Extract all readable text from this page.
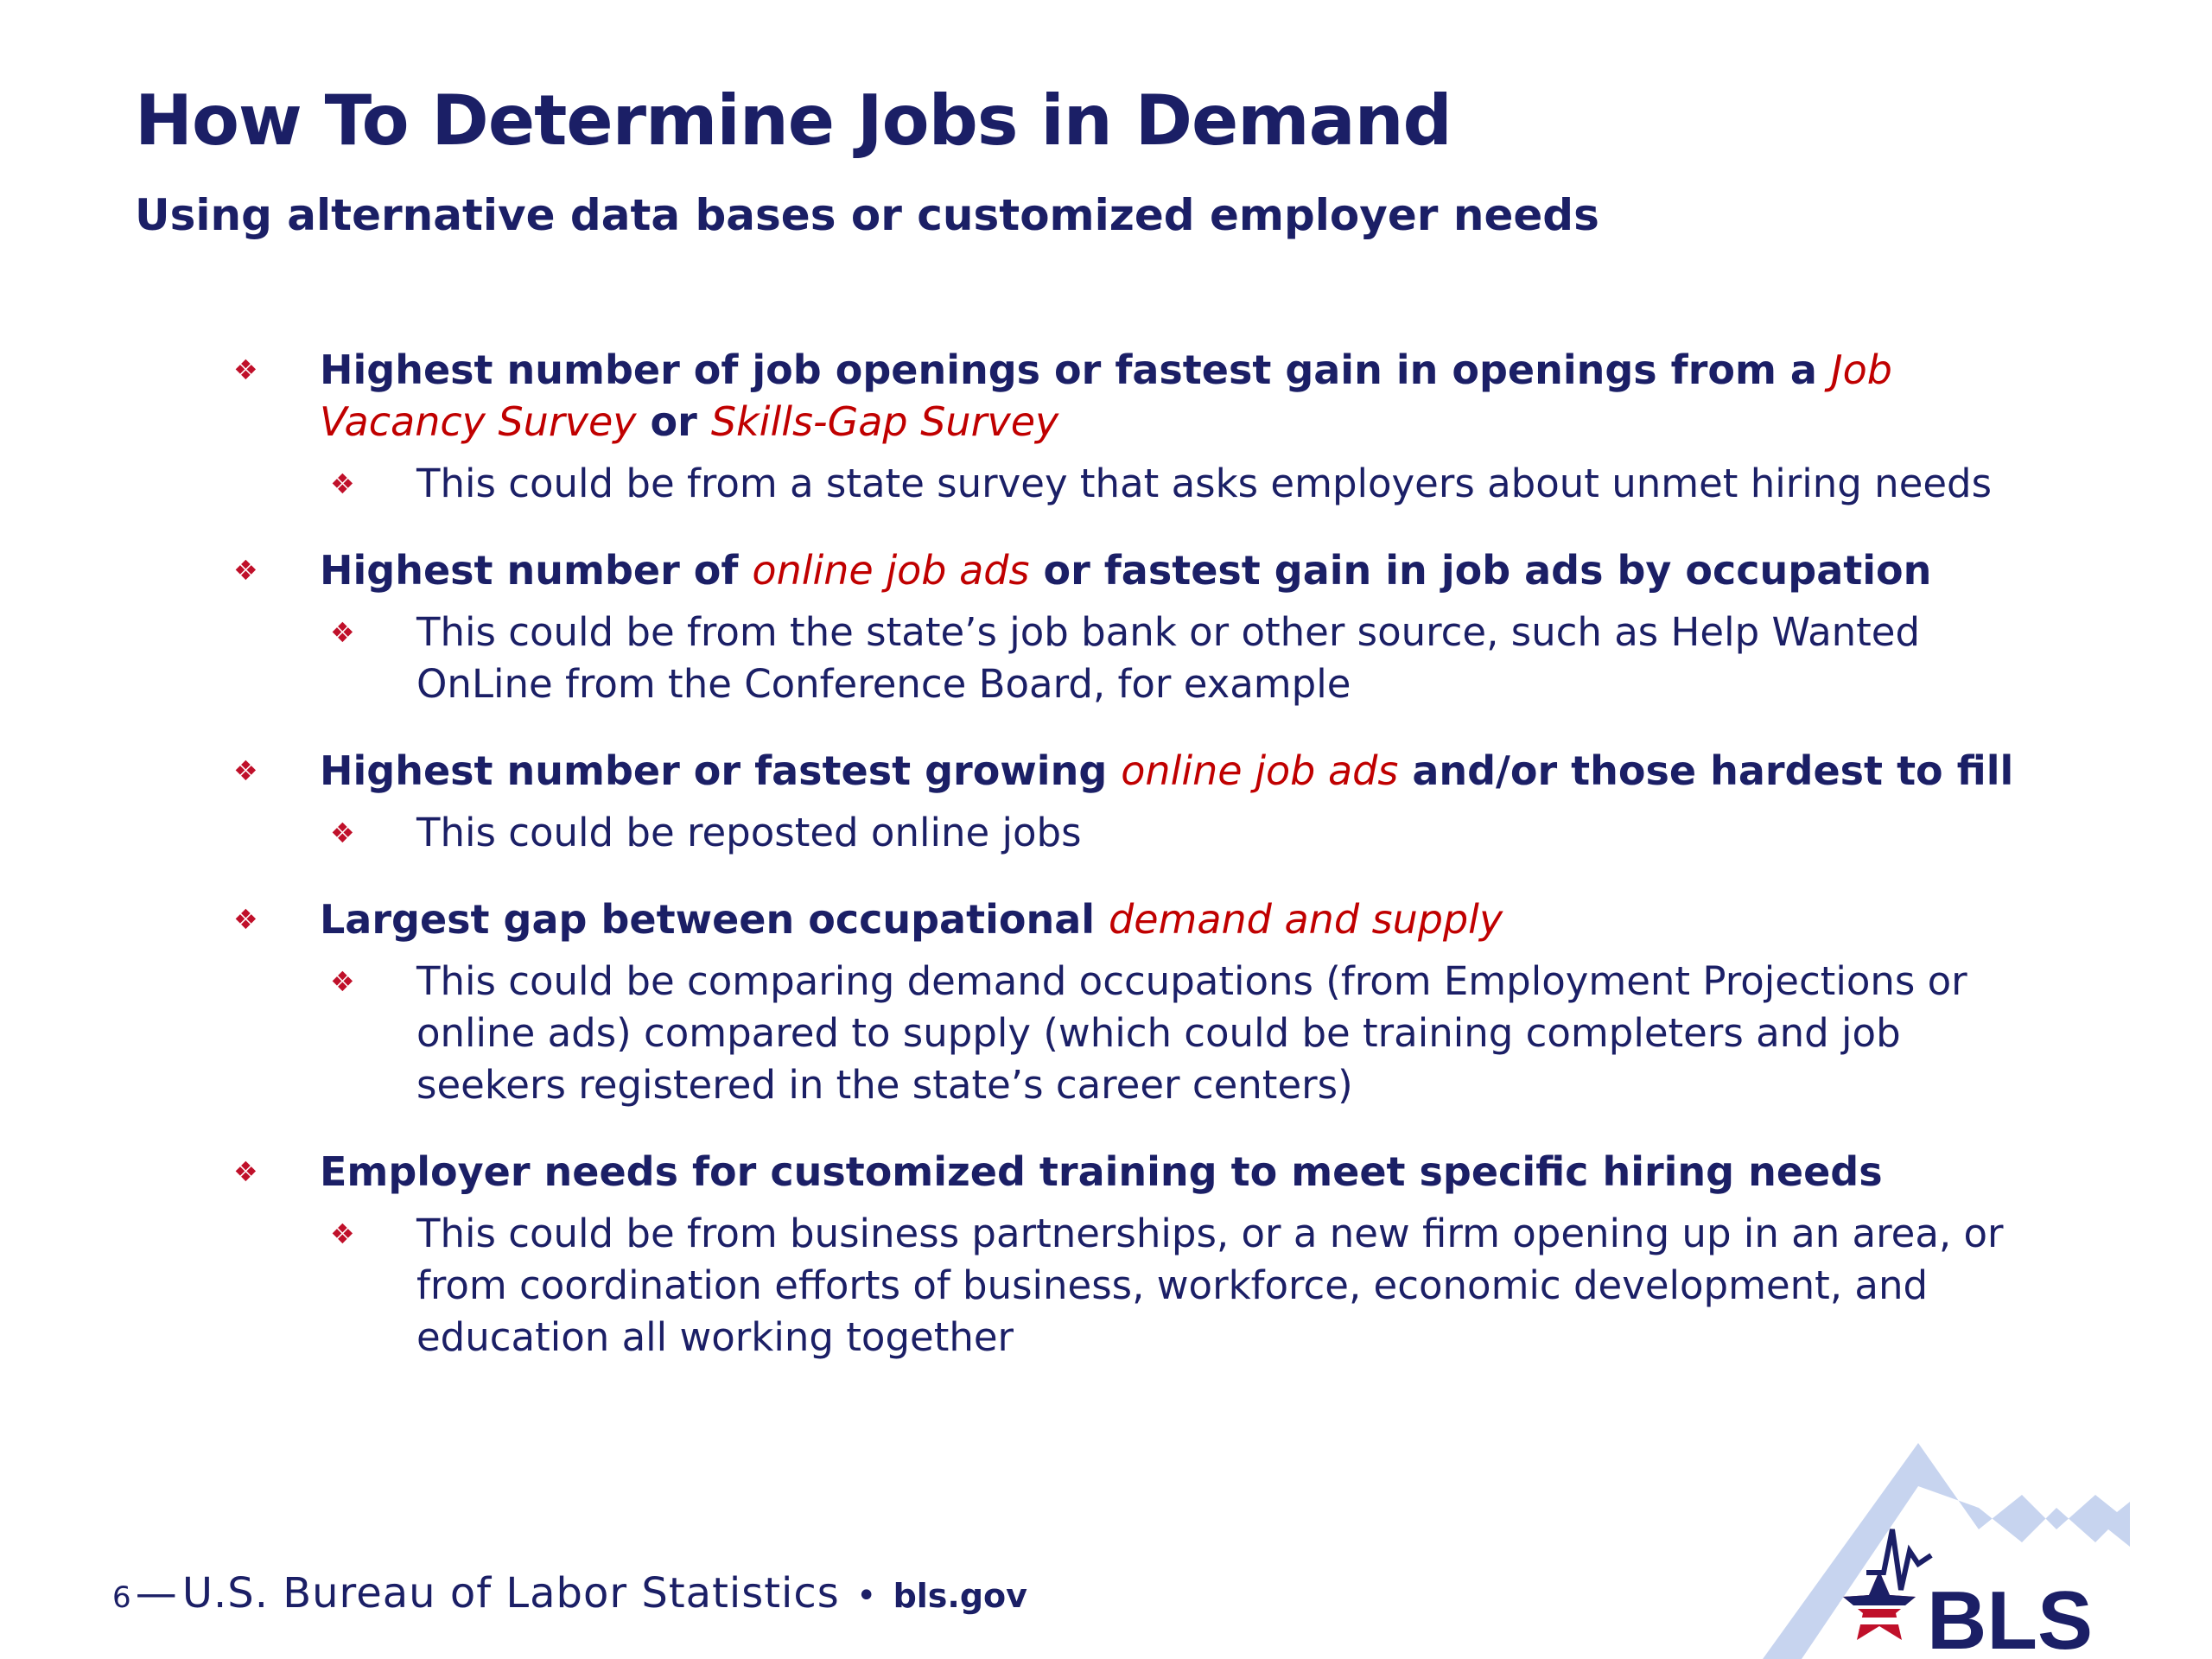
How To Determine Jobs in Demand
Using alternative data bases or customized employer needs
❖ Highest number of job openings or fastest gain in openings from a Job Vacancy Survey or Skills-Gap Survey
❖ This could be from a state survey that asks employers about unmet hiring needs
❖ Highest number of online job ads or fastest gain in job ads by occupation
❖ This could be from the state’s job bank or other source, such as Help Wanted OnLine from the Conference Board, for example
❖ Highest number or fastest growing online job ads and/or those hardest to fill
❖ This could be reposted online jobs
❖ Largest gap between occupational demand and supply
❖ This could be comparing demand occupations (from Employment Projections or online ads) compared to supply (which could be training completers and job seekers registered in the state’s career centers)
❖ Employer needs for customized training to meet specific hiring needs
❖ This could be from business partnerships, or a new firm opening up in an area, or from coordination efforts of business, workforce, economic development, and education all working together
6 — U.S. Bureau of Labor Statistics • bls.gov	BLS
